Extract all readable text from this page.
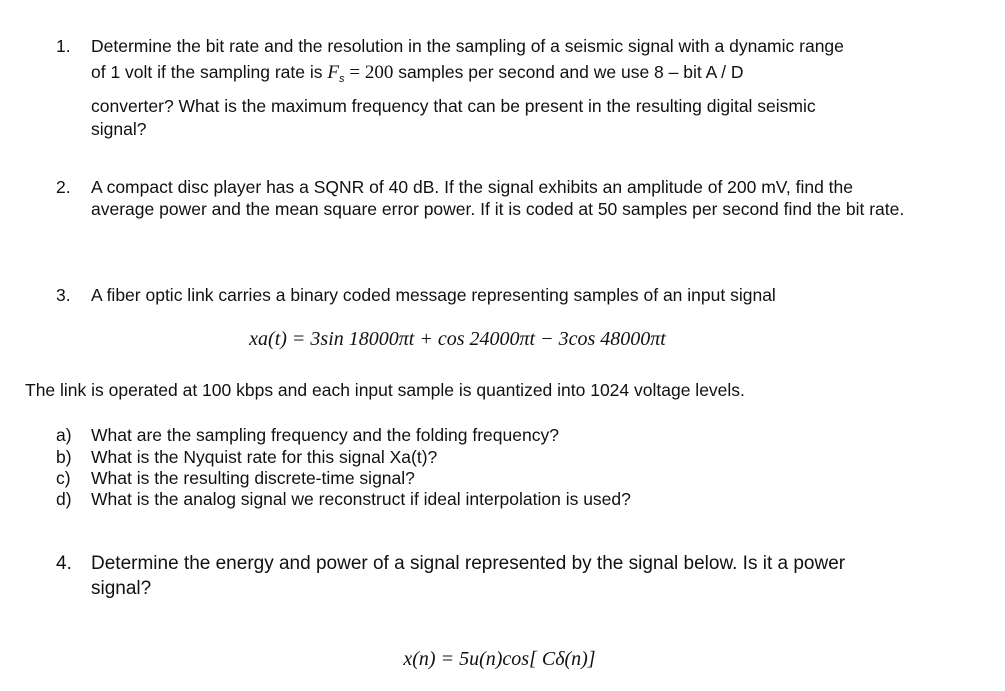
1.	Determine the bit rate and the resolution in the sampling of a seismic signal with a dynamic range
of 1 volt if the sampling rate is $F_s = 200$ samples per second and we use 8 – bit A / D
converter? What is the maximum frequency that can be present in the resulting digital seismic
signal?
2.	A compact disc player has a SQNR of 40 dB. If the signal exhibits an amplitude of 200 mV, find the average power and the mean square error power. If it is coded at 50 samples per second find the bit rate.
3.	A fiber optic link carries a binary coded message representing samples of an input signal
xa(t) = 3sin 18000πt + cos 24000πt − 3cos 48000πt
The link is operated at 100 kbps and each input sample is quantized into 1024 voltage levels.
a)	What are the sampling frequency and the folding frequency?
b)	What is the Nyquist rate for this signal Xa(t)?
c)	What is the resulting discrete-time signal?
d)	What is the analog signal we reconstruct if ideal interpolation is used?
4.	Determine the energy and power of a signal represented by the signal below. Is it a power signal?
x(n) = 5u(n)cos[ Cδ(n)]
